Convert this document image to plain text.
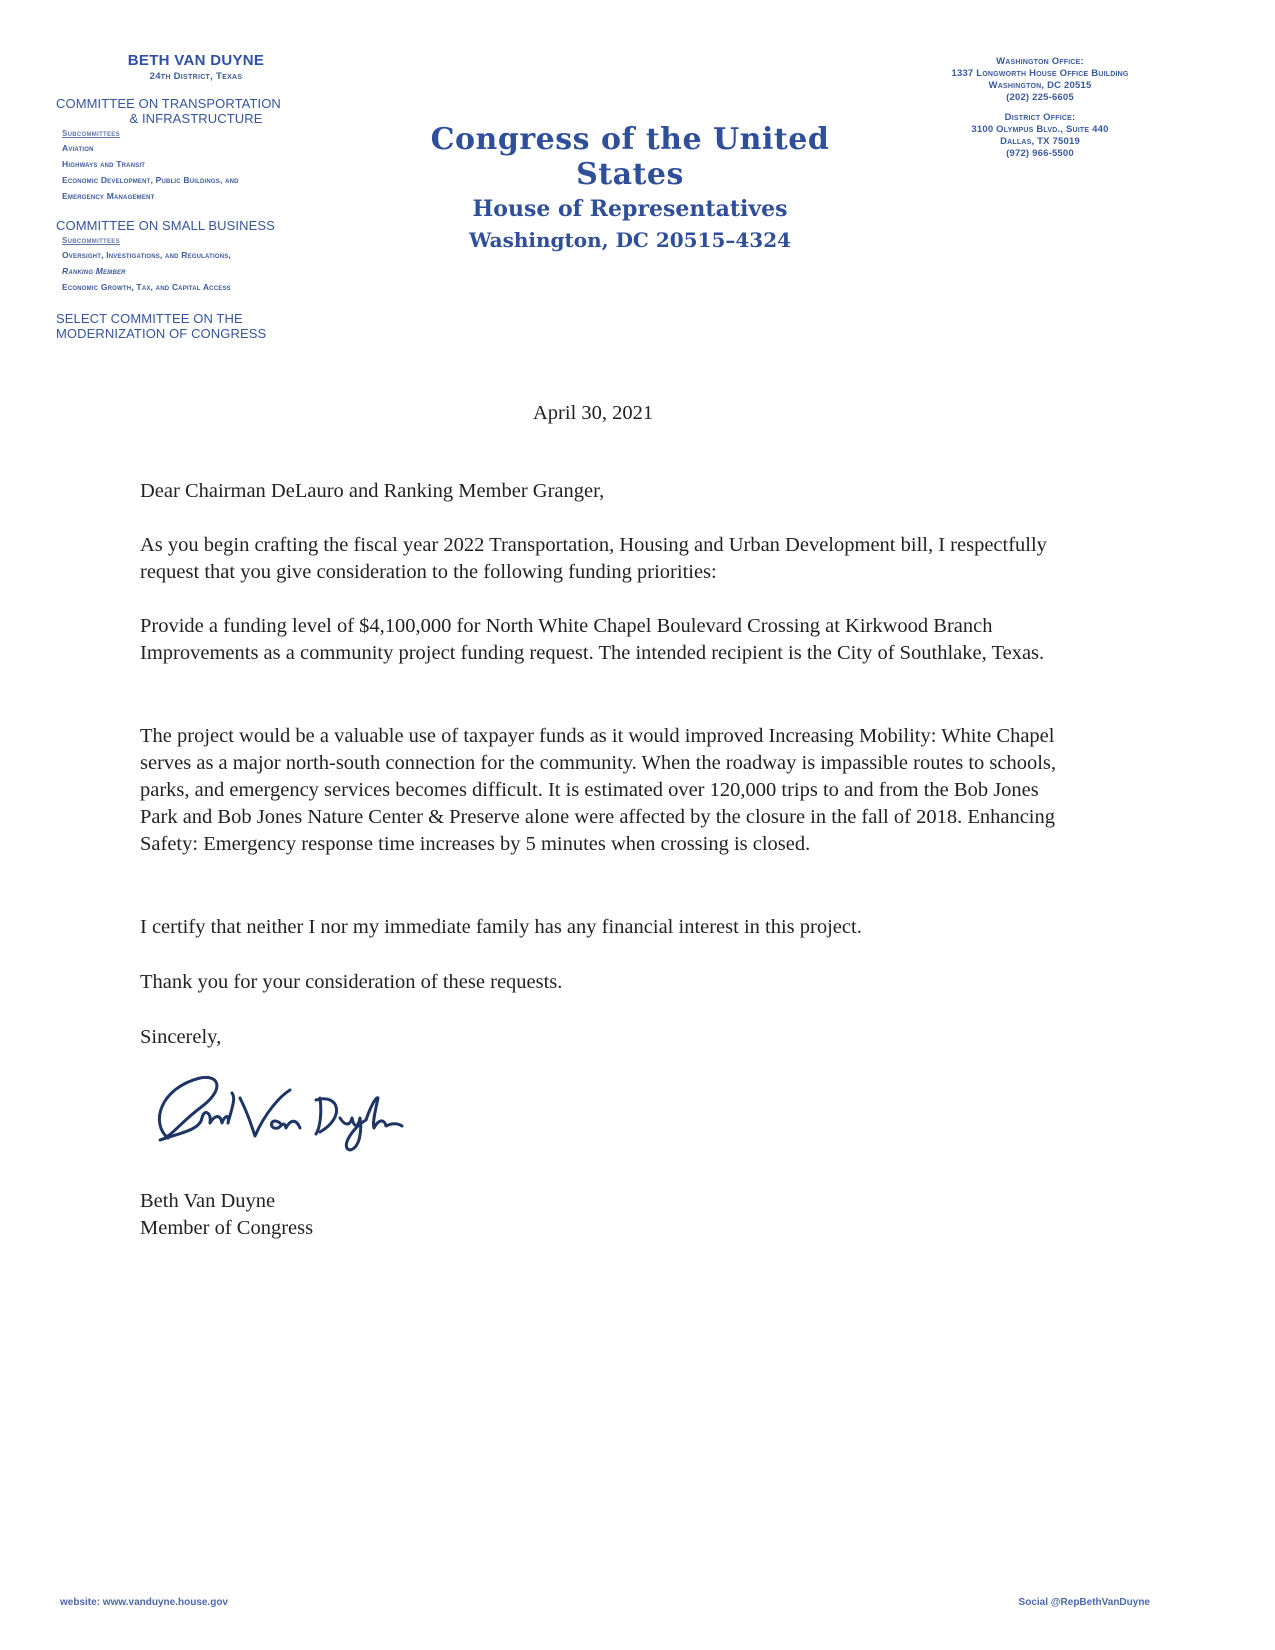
BETH VAN DUYNE

24th District, Texas

COMMITTEE ON TRANSPORTATION

& INFRASTRUCTURE

Subcommittees

Aviation

Highways and Transit

Economic Development, Public Buildings, and

Emergency Management

COMMITTEE ON SMALL BUSINESS

Subcommittees

Oversight, Investigations, and Regulations,

Ranking Member

Economic Growth, Tax, and Capital Access

SELECT COMMITTEE ON THE

MODERNIZATION OF CONGRESS

Congress of the United States

House of Representatives

Washington, DC 20515–4324

Washington Office:

1337 Longworth House Office Building

Washington, DC 20515

(202) 225-6605

District Office:

3100 Olympus Blvd., Suite 440

Dallas, TX 75019

(972) 966-5500

April 30, 2021

Dear Chairman DeLauro and Ranking Member Granger,

As you begin crafting the fiscal year 2022 Transportation, Housing and Urban Development bill, I respectfully request that you give consideration to the following funding priorities:

Provide a funding level of $4,100,000 for North White Chapel Boulevard Crossing at Kirkwood Branch Improvements as a community project funding request. The intended recipient is the City of Southlake, Texas.

The project would be a valuable use of taxpayer funds as it would improved Increasing Mobility: White Chapel serves as a major north-south connection for the community. When the roadway is impassible routes to schools, parks, and emergency services becomes difficult. It is estimated over 120,000 trips to and from the Bob Jones Park and Bob Jones Nature Center & Preserve alone were affected by the closure in the fall of 2018. Enhancing Safety: Emergency response time increases by 5 minutes when crossing is closed.

I certify that neither I nor my immediate family has any financial interest in this project.

Thank you for your consideration of these requests.

Sincerely,

Beth Van Duyne

Member of Congress

website: www.vanduyne.house.gov	Social @RepBethVanDuyne
